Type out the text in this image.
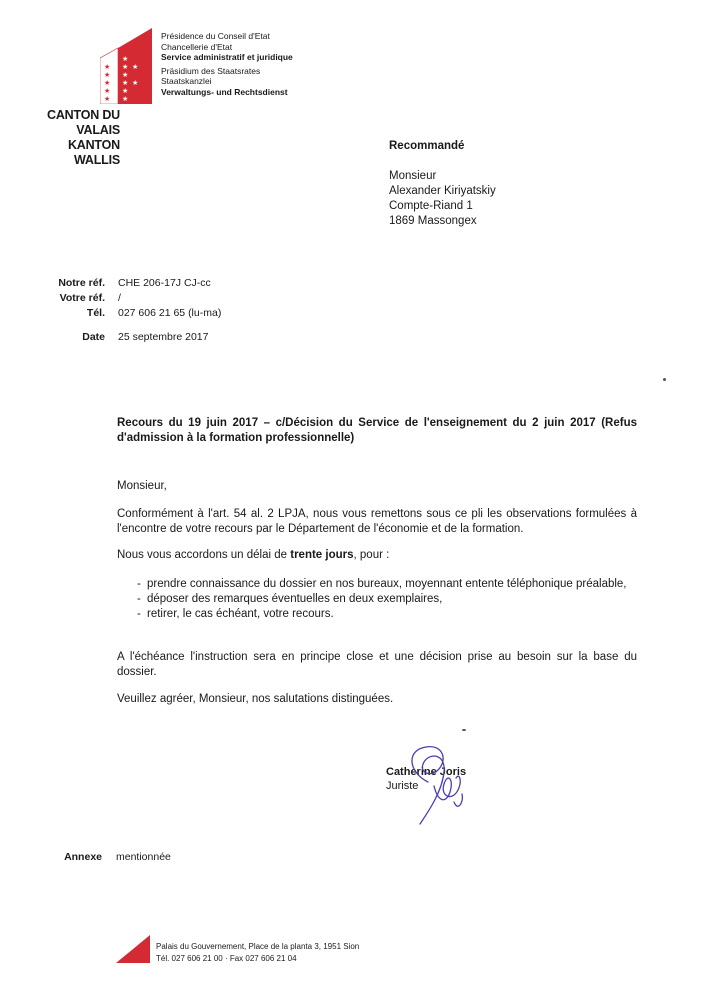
★
★
★
★
★
★
★
★
★
★
★
★
★
CANTON DU VALAIS
KANTON WALLIS
Présidence du Conseil d'Etat
Chancellerie d'Etat
Service administratif et juridique
Präsidium des Staatsrates
Staatskanzlei
Verwaltungs- und Rechtsdienst
Recommandé
Monsieur
Alexander Kiriyatskiy
Compte-Riand 1
1869 Massongex
Notre réf. CHE 206-17J CJ-cc
Votre réf. /
Tél. 027 606 21 65 (lu-ma)
Date 25 septembre 2017
Recours du 19 juin 2017 – c/Décision du Service de l'enseignement du 2 juin 2017 (Refus d'admission à la formation professionnelle)
Monsieur,
Conformément à l'art. 54 al. 2 LPJA, nous vous remettons sous ce pli les observations formulées à l'encontre de votre recours par le Département de l'économie et de la formation.
Nous vous accordons un délai de trente jours, pour :
- prendre connaissance du dossier en nos bureaux, moyennant entente téléphonique préalable,
- déposer des remarques éventuelles en deux exemplaires,
- retirer, le cas échéant, votre recours.
A l'échéance l'instruction sera en principe close et une décision prise au besoin sur la base du dossier.
Veuillez agréer, Monsieur, nos salutations distinguées.
Catherine Joris
Juriste
Annexe mentionnée
Palais du Gouvernement, Place de la planta 3, 1951 Sion
Tél. 027 606 21 00 · Fax 027 606 21 04
